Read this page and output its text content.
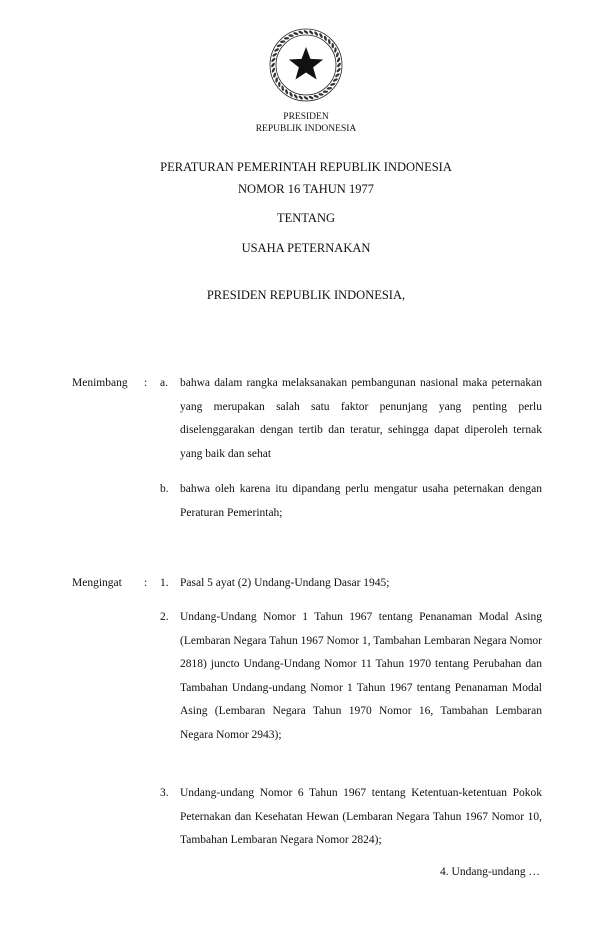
PRESIDEN
REPUBLIK INDONESIA
PERATURAN PEMERINTAH REPUBLIK INDONESIA
NOMOR 16 TAHUN 1977
TENTANG
USAHA PETERNAKAN
PRESIDEN REPUBLIK INDONESIA,
Menimbang : a. bahwa dalam rangka melaksanakan pembangunan nasional maka peternakan yang merupakan salah satu faktor penunjang yang penting perlu diselenggarakan dengan tertib dan teratur, sehingga dapat diperoleh ternak yang baik dan sehat
b. bahwa oleh karena itu dipandang perlu mengatur usaha peternakan dengan Peraturan Pemerintah;
Mengingat : 1. Pasal 5 ayat (2) Undang-Undang Dasar 1945;
2. Undang-Undang Nomor 1 Tahun 1967 tentang Penanaman Modal Asing (Lembaran Negara Tahun 1967 Nomor 1, Tambahan Lembaran Negara Nomor 2818) juncto Undang-Undang Nomor 11 Tahun 1970 tentang Perubahan dan Tambahan Undang-undang Nomor 1 Tahun 1967 tentang Penanaman Modal Asing (Lembaran Negara Tahun 1970 Nomor 16, Tambahan Lembaran Negara Nomor 2943);
3. Undang-undang Nomor 6 Tahun 1967 tentang Ketentuan-ketentuan Pokok Peternakan dan Kesehatan Hewan (Lembaran Negara Tahun 1967 Nomor 10, Tambahan Lembaran Negara Nomor 2824);
4. Undang-undang …
